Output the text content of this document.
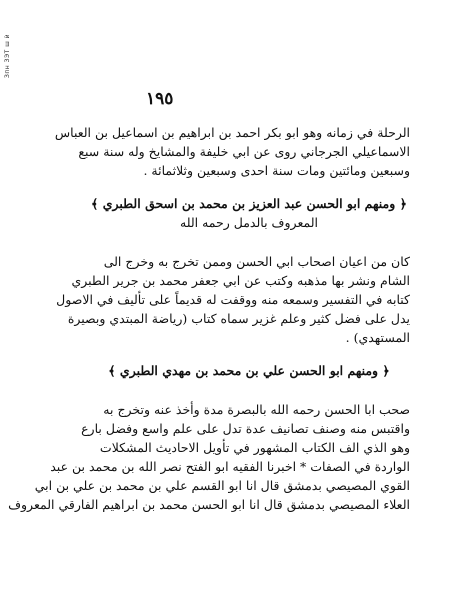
Зпн ЗЭТ ш ѝ
١٩٥
الرحلة في زمانه وهو ابو بكر احمد بن ابراهيم بن اسماعيل بن العباس
الاسماعيلي الجرجاني روى عن ابي خليفة والمشايخ وله سنة سبع
وسبعين ومائتين ومات سنة احدى وسبعين وثلاثمائة .
﴿ ومنهم ابو الحسن عبد العزيز بن محمد بن اسحق الطبري ﴾
المعروف بالدمل رحمه الله
كان من اعيان اصحاب ابي الحسن وممن تخرج به وخرج الى
الشام ونشر بها مذهبه وكتب عن ابي جعفر محمد بن جرير الطبري
كتابه في التفسير وسمعه منه ووقفت له قديماً على تأليف في الاصول
يدل على فضل كثير وعلم غزير سماه كتاب (رياضة المبتدي وبصيرة
المستهدي) .
﴿ ومنهم ابو الحسن علي بن محمد بن مهدي الطبري ﴾
صحب ابا الحسن رحمه الله بالبصرة مدة وأخذ عنه وتخرج به
واقتبس منه وصنف تصانيف عدة تدل على علم واسع وفضل بارع
وهو الذي الف الكتاب المشهور في تأويل الاحاديث المشكلات
الواردة في الصفات * اخبرنا الفقيه ابو الفتح نصر الله بن محمد بن عبد
القوي المصيصي بدمشق قال انا ابو القسم علي بن محمد بن علي بن ابي
العلاء المصيصي بدمشق قال انا ابو الحسن محمد بن ابراهيم الفارقي المعروف
